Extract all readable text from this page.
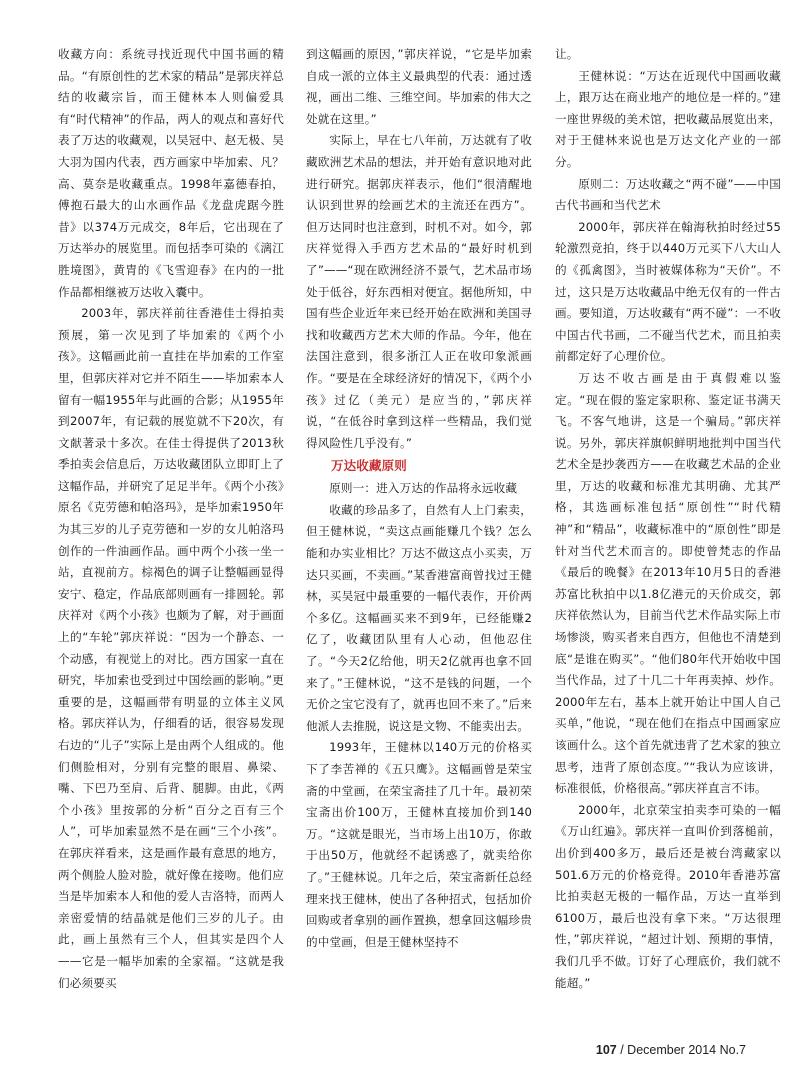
收藏方向：系统寻找近现代中国书画的精品。“有原创性的艺术家的精品”是郭庆祥总结的收藏宗旨，而王健林本人则偏爱具有“时代精神”的作品，两人的观点和喜好代表了万达的收藏观，以吴冠中、赵无极、吴大羽为国内代表，西方画家中毕加索、凡？高、莫奈是收藏重点。1998年嘉德春拍，傅抱石最大的山水画作品《龙盘虎踞今胜昔》以374万元成交，8年后，它出现在了万达举办的展览里。而包括李可染的《漓江胜境图》，黄胄的《飞雪迎春》在内的一批作品都相继被万达收入囊中。

2003年，郭庆祥前往香港佳士得拍卖预展，第一次见到了毕加索的《两个小孩》。这幅画此前一直挂在毕加索的工作室里，但郭庆祥对它并不陌生——毕加索本人留有一幅1955年与此画的合影；从1955年到2007年，有记载的展览就不下20次，有文献著录十多次。在佳士得提供了2013秋季拍卖会信息后，万达收藏团队立即盯上了这幅作品，并研究了足足半年。《两个小孩》原名《克劳德和帕洛玛》，是毕加索1950年为其三岁的儿子克劳德和一岁的女儿帕洛玛创作的一件油画作品。画中两个小孩一坐一站，直视前方。棕褐色的调子让整幅画显得安宁、稳定，作品底部则画有一排圆轮。郭庆祥对《两个小孩》也颇为了解，对于画面上的“车轮”郭庆祥说：“因为一个静态、一个动感，有视觉上的对比。西方国家一直在研究，毕加索也受到过中国绘画的影响。”更重要的是，这幅画带有明显的立体主义风格。郭庆祥认为，仔细看的话，很容易发现右边的“儿子”实际上是由两个人组成的。他们侧脸相对，分别有完整的眼眉、鼻梁、嘴、下巴乃至肩、后背、腿脚。由此，《两个小孩》里按郭的分析“百分之百有三个人”，可毕加索显然不是在画“三个小孩”。在郭庆祥看来，这是画作最有意思的地方，两个侧脸人脸对脸，就好像在接吻。他们应当是毕加索本人和他的爱人吉洛特，而两人亲密爱情的结晶就是他们三岁的儿子。由此，画上虽然有三个人，但其实是四个人——它是一幅毕加索的全家福。“这就是我们必须要买

到这幅画的原因，”郭庆祥说，“它是毕加索自成一派的立体主义最典型的代表：通过透视，画出二维、三维空间。毕加索的伟大之处就在这里。”

实际上，早在七八年前，万达就有了收藏欧洲艺术品的想法，并开始有意识地对此进行研究。据郭庆祥表示，他们“很清醒地认识到世界的绘画艺术的主流还在西方”。但万达同时也注意到，时机不对。如今，郭庆祥觉得入手西方艺术品的“最好时机到了”——“现在欧洲经济不景气，艺术品市场处于低谷，好东西相对便宜。据他所知，中国有些企业近年来已经开始在欧洲和美国寻找和收藏西方艺术大师的作品。今年，他在法国注意到，很多浙江人正在收印象派画作。“要是在全球经济好的情况下，《两个小孩》过亿（美元）是应当的，”郭庆祥说，“在低谷时拿到这样一些精品，我们觉得风险性几乎没有。”

万达收藏原则

原则一：进入万达的作品将永远收藏

收藏的珍品多了，自然有人上门索卖，但王健林说，“卖这点画能赚几个钱？怎么能和办实业相比？万达不做这点小买卖，万达只买画，不卖画。”某香港富商曾找过王健林，买吴冠中最重要的一幅代表作，开价两个多亿。这幅画买来不到9年，已经能赚2亿了，收藏团队里有人心动，但他忍住了。“今天2亿给他，明天2亿就再也拿不回来了。”王健林说，“这不是钱的问题，一个无价之宝它没有了，就再也回不来了。”后来他派人去推脱，说这是文物、不能卖出去。

1993年，王健林以140万元的价格买下了李苦禅的《五只鹰》。这幅画曾是荣宝斋的中堂画，在荣宝斋挂了几十年。最初荣宝斋出价100万，王健林直接加价到140万。“这就是眼光，当市场上出10万，你敢于出50万，他就经不起诱惑了，就卖给你了。”王健林说。几年之后，荣宝斋新任总经理来找王健林，使出了各种招式，包括加价回购或者拿别的画作置换，想拿回这幅珍贵的中堂画，但是王健林坚持不

让。

王健林说：“万达在近现代中国画收藏上，跟万达在商业地产的地位是一样的。”建一座世界级的美术馆，把收藏品展览出来，对于王健林来说也是万达文化产业的一部分。

原则二：万达收藏之“两不碰”——中国古代书画和当代艺术

2000年，郭庆祥在翰海秋拍时经过55轮激烈竞拍，终于以440万元买下八大山人的《孤禽图》，当时被媒体称为“天价”。不过，这只是万达收藏品中绝无仅有的一件古画。要知道，万达收藏有“两不碰”：一不收中国古代书画，二不碰当代艺术，而且拍卖前都定好了心理价位。

万达不收古画是由于真假难以鉴定。“现在假的鉴定家职称、鉴定证书满天飞。不客气地讲，这是一个骗局。”郭庆祥说。另外，郭庆祥旗帜鲜明地批判中国当代艺术全是抄袭西方——在收藏艺术品的企业里，万达的收藏和标准尤其明确、尤其严格，其选画标准包括“原创性”“时代精神”和“精品”，收藏标准中的“原创性”即是针对当代艺术而言的。即使曾梵志的作品《最后的晚餐》在2013年10月5日的香港苏富比秋拍中以1.8亿港元的天价成交，郭庆祥依然认为，目前当代艺术作品实际上市场惨淡，购买者来自西方，但他也不清楚到底“是谁在购买”。“他们80年代开始收中国当代作品，过了十几二十年再卖掉、炒作。2000年左右，基本上就开始让中国人自己买单，”他说，“现在他们在指点中国画家应该画什么。这个首先就违背了艺术家的独立思考，违背了原创态度。”“我认为应该讲，标准很低，价格很高。”郭庆祥直言不讳。

2000年，北京荣宝拍卖李可染的一幅《万山红遍》。郭庆祥一直叫价到落槌前，出价到400多万，最后还是被台湾藏家以501.6万元的价格竞得。2010年香港苏富比拍卖赵无极的一幅作品，万达一直举到6100万，最后也没有拿下来。“万达很理性，”郭庆祥说，“超过计划、预期的事情，我们几乎不做。订好了心理底价，我们就不能超。”

107 / December 2014 No.7
